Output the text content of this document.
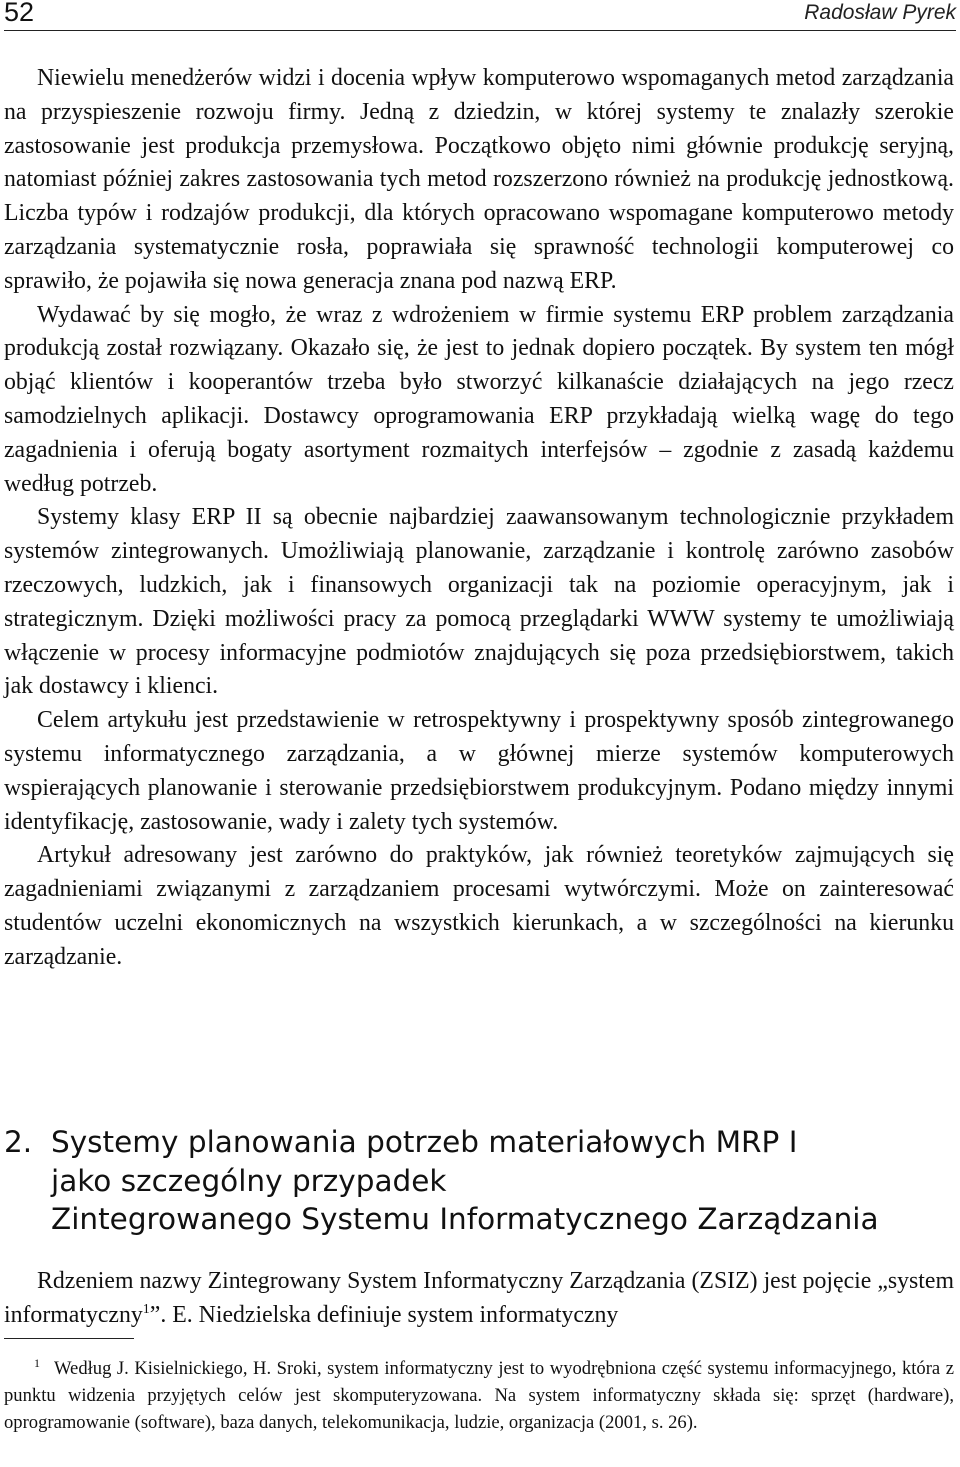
52	Radosław Pyrek

Niewielu menedżerów widzi i docenia wpływ komputerowo wspomaganych metod zarządzania na przyspieszenie rozwoju firmy. Jedną z dziedzin, w której systemy te znalazły szerokie zastosowanie jest produkcja przemysłowa. Początkowo objęto nimi głównie produkcję seryjną, natomiast później zakres zastosowania tych metod rozszerzono również na produkcję jednostkową. Liczba typów i rodzajów produkcji, dla których opracowano wspomagane komputerowo metody zarządzania systematycznie rosła, poprawiała się sprawność technologii komputerowej co sprawiło, że pojawiła się nowa generacja znana pod nazwą ERP.

Wydawać by się mogło, że wraz z wdrożeniem w firmie systemu ERP problem zarządzania produkcją został rozwiązany. Okazało się, że jest to jednak dopiero początek. By system ten mógł objąć klientów i kooperantów trzeba było stworzyć kilkanaście działających na jego rzecz samodzielnych aplikacji. Dostawcy oprogramowania ERP przykładają wielką wagę do tego zagadnienia i oferują bogaty asortyment rozmaitych interfejsów – zgodnie z zasadą każdemu według potrzeb.

Systemy klasy ERP II są obecnie najbardziej zaawansowanym technologicznie przykładem systemów zintegrowanych. Umożliwiają planowanie, zarządzanie i kontrolę zarówno zasobów rzeczowych, ludzkich, jak i finansowych organizacji tak na poziomie operacyjnym, jak i strategicznym. Dzięki możliwości pracy za pomocą przeglądarki WWW systemy te umożliwiają włączenie w procesy informacyjne podmiotów znajdujących się poza przedsiębiorstwem, takich jak dostawcy i klienci.

Celem artykułu jest przedstawienie w retrospektywny i prospektywny sposób zintegrowanego systemu informatycznego zarządzania, a w głównej mierze systemów komputerowych wspierających planowanie i sterowanie przedsiębiorstwem produkcyjnym. Podano między innymi identyfikację, zastosowanie, wady i zalety tych systemów.

Artykuł adresowany jest zarówno do praktyków, jak również teoretyków zajmujących się zagadnieniami związanymi z zarządzaniem procesami wytwórczymi. Może on zainteresować studentów uczelni ekonomicznych na wszystkich kierunkach, a w szczególności na kierunku zarządzanie.

2. Systemy planowania potrzeb materiałowych MRP I
jako szczególny przypadek
Zintegrowanego Systemu Informatycznego Zarządzania

Rdzeniem nazwy Zintegrowany System Informatyczny Zarządzania (ZSIZ) jest pojęcie „system informatyczny$^1$”. E. Niedzielska definiuje system informatyczny

$^1$ Według J. Kisielnickiego, H. Sroki, system informatyczny jest to wyodrębniona część systemu informacyjnego, która z punktu widzenia przyjętych celów jest skomputeryzowana. Na system informatyczny składa się: sprzęt (hardware), oprogramowanie (software), baza danych, telekomunikacja, ludzie, organizacja (2001, s. 26).
